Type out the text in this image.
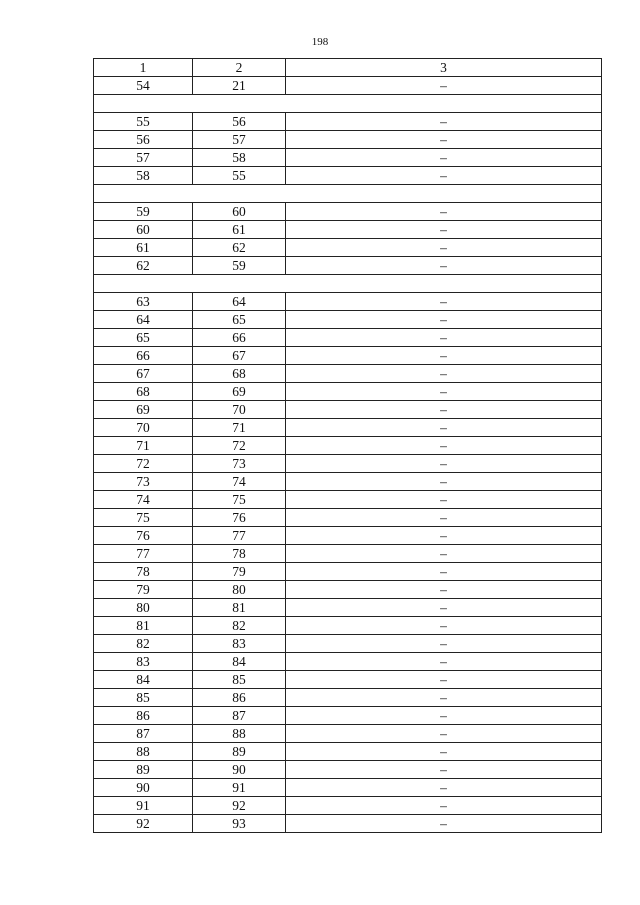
198
1	2	3
54	21	–

55	56	–
56	57	–
57	58	–
58	55	–

59	60	–
60	61	–
61	62	–
62	59	–

63	64	–
64	65	–
65	66	–
66	67	–
67	68	–
68	69	–
69	70	–
70	71	–
71	72	–
72	73	–
73	74	–
74	75	–
75	76	–
76	77	–
77	78	–
78	79	–
79	80	–
80	81	–
81	82	–
82	83	–
83	84	–
84	85	–
85	86	–
86	87	–
87	88	–
88	89	–
89	90	–
90	91	–
91	92	–
92	93	–
